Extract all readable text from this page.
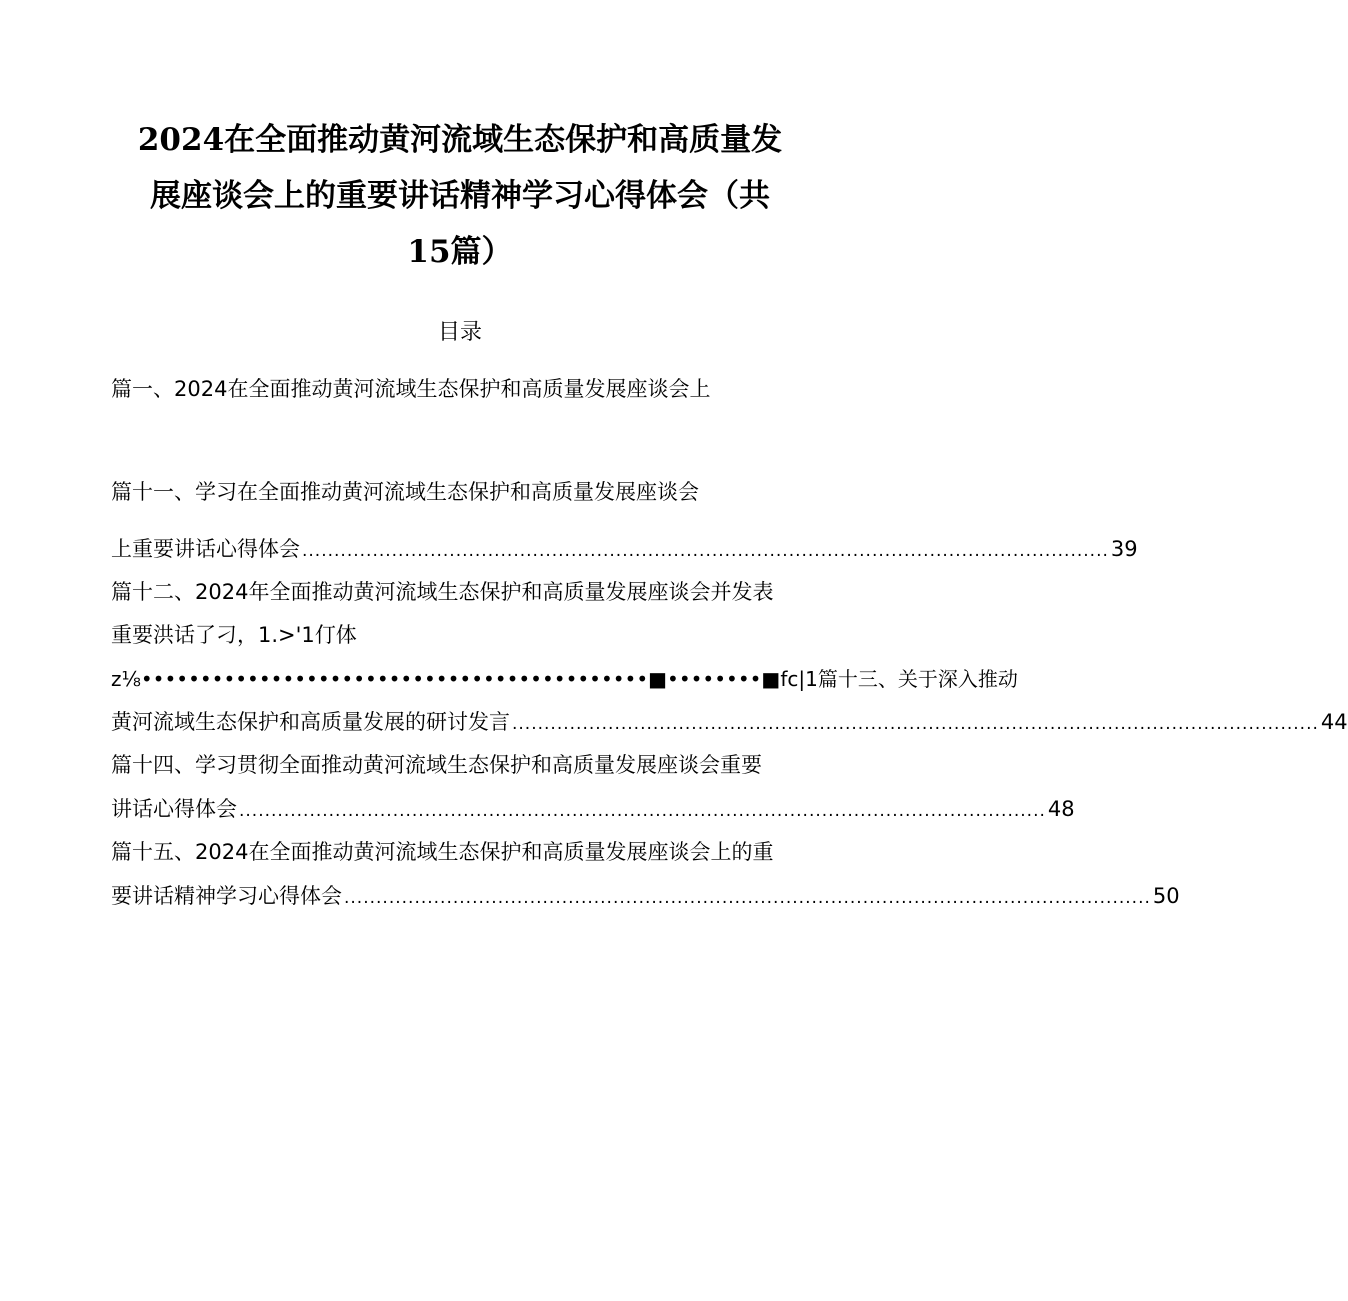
2024在全面推动黄河流域生态保护和高质量发
展座谈会上的重要讲话精神学习心得体会（共
15篇）
目录
篇一、2024在全面推动黄河流域生态保护和高质量发展座谈会上
篇十一、学习在全面推动黄河流域生态保护和高质量发展座谈会
上重要讲话心得体会 .............................................................................................................................. 39
篇十二、2024年全面推动黄河流域生态保护和高质量发展座谈会并发表
重要洪话了刁，1.>'1仃体
z⅛•••••••••••••••••••••••••••••••••••••••••••■••••••••■fc|1篇十三、关于深入推动
黄河流域生态保护和高质量发展的研讨发言 .............................................................................................................................. 44
篇十四、学习贯彻全面推动黄河流域生态保护和高质量发展座谈会重要
讲话心得体会 .............................................................................................................................. 48
篇十五、2024在全面推动黄河流域生态保护和高质量发展座谈会上的重
要讲话精神学习心得体会 .............................................................................................................................. 50
